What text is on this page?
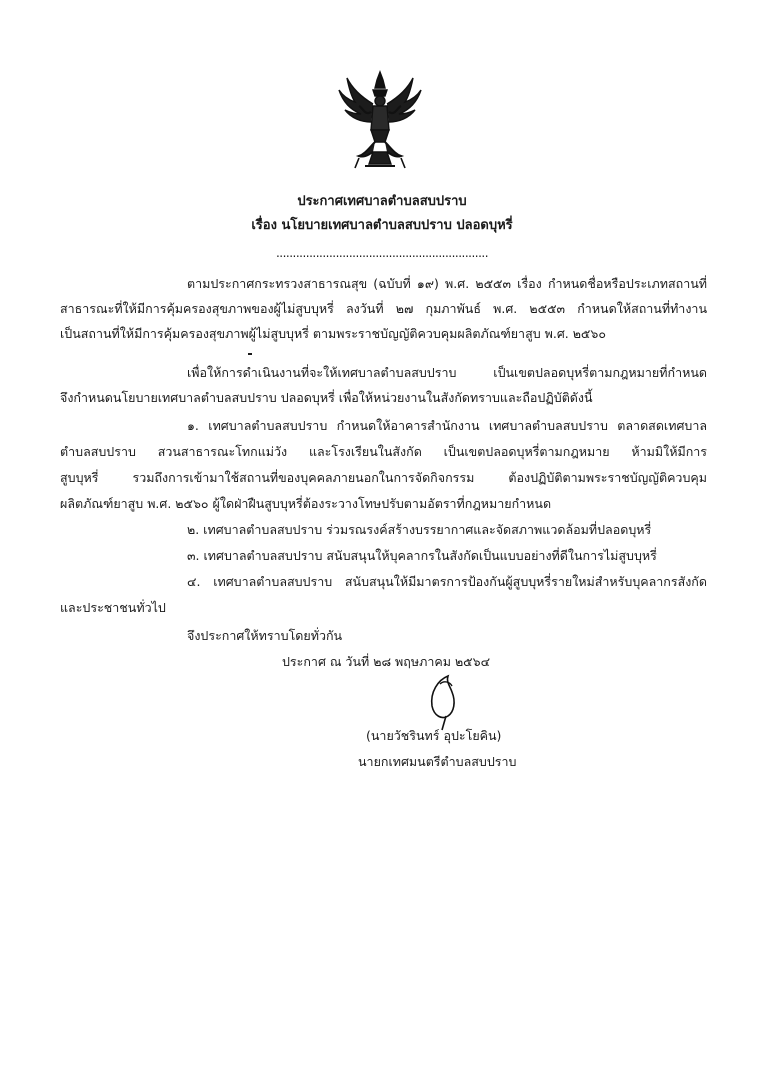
ประกาศเทศบาลตำบลสบปราบ
เรื่อง นโยบายเทศบาลตำบลสบปราบ ปลอดบุหรี่
................................................................
ตามประกาศกระทรวงสาธารณสุข (ฉบับที่ ๑๙) พ.ศ. ๒๕๕๓ เรื่อง กำหนดชื่อหรือประเภทสถานที่
สาธารณะที่ให้มีการคุ้มครองสุขภาพของผู้ไม่สูบบุหรี่ ลงวันที่ ๒๗ กุมภาพันธ์ พ.ศ. ๒๕๕๓ กำหนดให้สถานที่ทำงาน
เป็นสถานที่ให้มีการคุ้มครองสุขภาพผู้ไม่สูบบุหรี่ ตามพระราชบัญญัติควบคุมผลิตภัณฑ์ยาสูบ พ.ศ. ๒๕๖๐
เพื่อให้การดำเนินงานที่จะให้เทศบาลตำบลสบปราบ เป็นเขตปลอดบุหรี่ตามกฎหมายที่กำหนด
จึงกำหนดนโยบายเทศบาลตำบลสบปราบ ปลอดบุหรี่ เพื่อให้หน่วยงานในสังกัดทราบและถือปฏิบัติดังนี้
๑. เทศบาลตำบลสบปราบ กำหนดให้อาคารสำนักงาน เทศบาลตำบลสบปราบ ตลาดสดเทศบาล
ตำบลสบปราบ สวนสาธารณะโทกแม่วัง และโรงเรียนในสังกัด เป็นเขตปลอดบุหรี่ตามกฎหมาย ห้ามมิให้มีการ
สูบบุหรี่ รวมถึงการเข้ามาใช้สถานที่ของบุคคลภายนอกในการจัดกิจกรรม ต้องปฏิบัติตามพระราชบัญญัติควบคุม
ผลิตภัณฑ์ยาสูบ พ.ศ. ๒๕๖๐ ผู้ใดฝ่าฝืนสูบบุหรี่ต้องระวางโทษปรับตามอัตราที่กฎหมายกำหนด
๒. เทศบาลตำบลสบปราบ ร่วมรณรงค์สร้างบรรยากาศและจัดสภาพแวดล้อมที่ปลอดบุหรี่
๓. เทศบาลตำบลสบปราบ สนับสนุนให้บุคลากรในสังกัดเป็นแบบอย่างที่ดีในการไม่สูบบุหรี่
๔. เทศบาลตำบลสบปราบ สนับสนุนให้มีมาตรการป้องกันผู้สูบบุหรี่รายใหม่สำหรับบุคลากรสังกัด
และประชาชนทั่วไป
จึงประกาศให้ทราบโดยทั่วกัน
ประกาศ ณ วันที่ ๒๘ พฤษภาคม ๒๕๖๔
(นายวัชรินทร์ อุปะโยคิน)
นายกเทศมนตรีตำบลสบปราบ
